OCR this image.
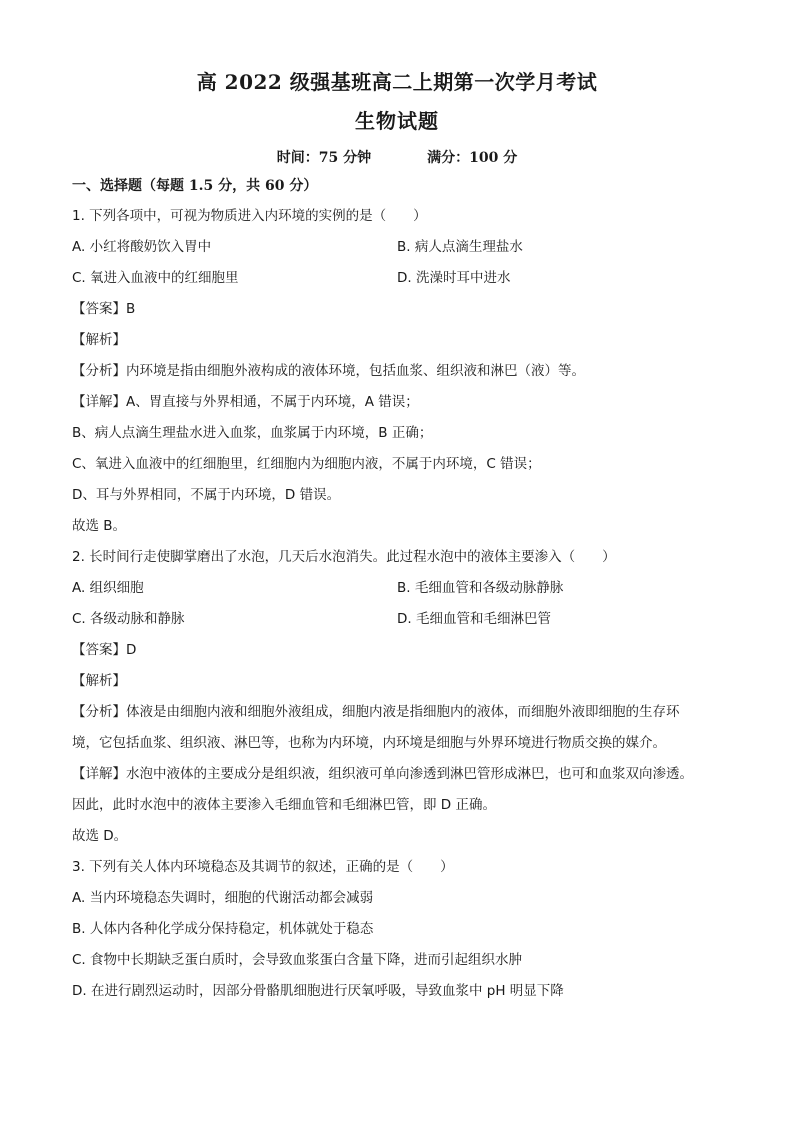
高 2022 级强基班高二上期第一次学月考试
生物试题
时间：75 分钟	满分：100 分
一、选择题（每题 1.5 分，共 60 分）
1. 下列各项中，可视为物质进入内环境的实例的是（　　）
A. 小红将酸奶饮入胃中	B. 病人点滴生理盐水
C. 氧进入血液中的红细胞里	D. 洗澡时耳中进水
【答案】B
【解析】
【分析】内环境是指由细胞外液构成的液体环境，包括血浆、组织液和淋巴（液）等。
【详解】A、胃直接与外界相通，不属于内环境，A 错误；
B、病人点滴生理盐水进入血浆，血浆属于内环境，B 正确；
C、氧进入血液中的红细胞里，红细胞内为细胞内液，不属于内环境，C 错误；
D、耳与外界相同，不属于内环境，D 错误。
故选 B。
2. 长时间行走使脚掌磨出了水泡，几天后水泡消失。此过程水泡中的液体主要渗入（　　）
A. 组织细胞	B. 毛细血管和各级动脉静脉
C. 各级动脉和静脉	D. 毛细血管和毛细淋巴管
【答案】D
【解析】
【分析】体液是由细胞内液和细胞外液组成，细胞内液是指细胞内的液体，而细胞外液即细胞的生存环
境，它包括血浆、组织液、淋巴等，也称为内环境，内环境是细胞与外界环境进行物质交换的媒介。
【详解】水泡中液体的主要成分是组织液，组织液可单向渗透到淋巴管形成淋巴，也可和血浆双向渗透。
因此，此时水泡中的液体主要渗入毛细血管和毛细淋巴管，即 D 正确。
故选 D。
3. 下列有关人体内环境稳态及其调节的叙述，正确的是（　　）
A. 当内环境稳态失调时，细胞的代谢活动都会减弱
B. 人体内各种化学成分保持稳定，机体就处于稳态
C. 食物中长期缺乏蛋白质时，会导致血浆蛋白含量下降，进而引起组织水肿
D. 在进行剧烈运动时，因部分骨骼肌细胞进行厌氧呼吸，导致血浆中 pH 明显下降
